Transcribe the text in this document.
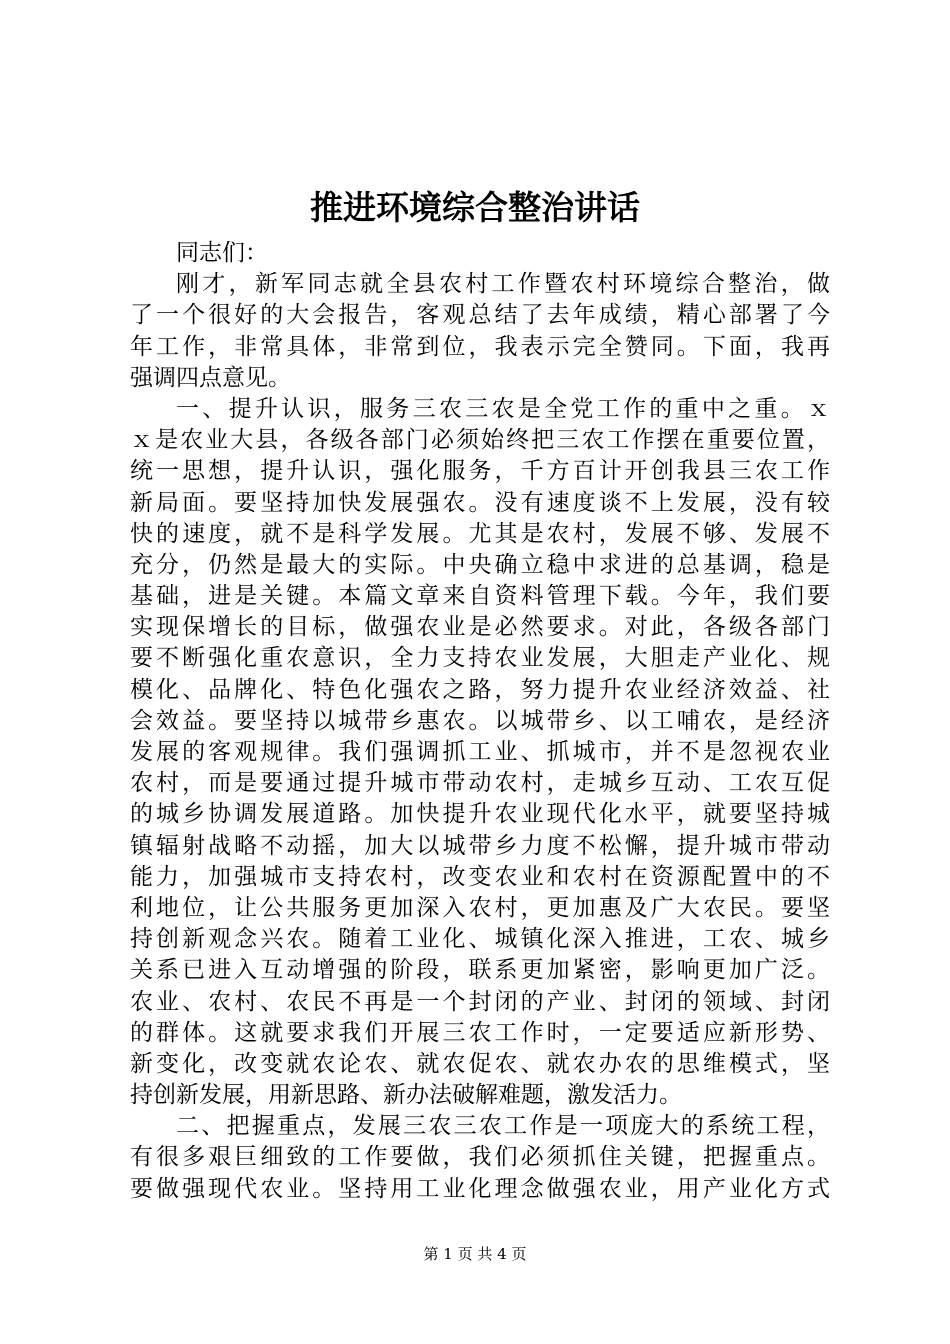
推进环境综合整治讲话
同志们：
刚才，新军同志就全县农村工作暨农村环境综合整治，做
了一个很好的大会报告，客观总结了去年成绩，精心部署了今
年工作，非常具体，非常到位，我表示完全赞同。下面，我再
强调四点意见。
一、提升认识，服务三农三农是全党工作的重中之重。ｘ
ｘ是农业大县，各级各部门必须始终把三农工作摆在重要位置，
统一思想，提升认识，强化服务，千方百计开创我县三农工作
新局面。要坚持加快发展强农。没有速度谈不上发展，没有较
快的速度，就不是科学发展。尤其是农村，发展不够、发展不
充分，仍然是最大的实际。中央确立稳中求进的总基调，稳是
基础，进是关键。本篇文章来自资料管理下载。今年，我们要
实现保增长的目标，做强农业是必然要求。对此，各级各部门
要不断强化重农意识，全力支持农业发展，大胆走产业化、规
模化、品牌化、特色化强农之路，努力提升农业经济效益、社
会效益。要坚持以城带乡惠农。以城带乡、以工哺农，是经济
发展的客观规律。我们强调抓工业、抓城市，并不是忽视农业
农村，而是要通过提升城市带动农村，走城乡互动、工农互促
的城乡协调发展道路。加快提升农业现代化水平，就要坚持城
镇辐射战略不动摇，加大以城带乡力度不松懈，提升城市带动
能力，加强城市支持农村，改变农业和农村在资源配置中的不
利地位，让公共服务更加深入农村，更加惠及广大农民。要坚
持创新观念兴农。随着工业化、城镇化深入推进，工农、城乡
关系已进入互动增强的阶段，联系更加紧密，影响更加广泛。
农业、农村、农民不再是一个封闭的产业、封闭的领域、封闭
的群体。这就要求我们开展三农工作时，一定要适应新形势、
新变化，改变就农论农、就农促农、就农办农的思维模式，坚
持创新发展，用新思路、新办法破解难题，激发活力。
二、把握重点，发展三农三农工作是一项庞大的系统工程，
有很多艰巨细致的工作要做，我们必须抓住关键，把握重点。
要做强现代农业。坚持用工业化理念做强农业，用产业化方式
第 1 页 共 4 页
